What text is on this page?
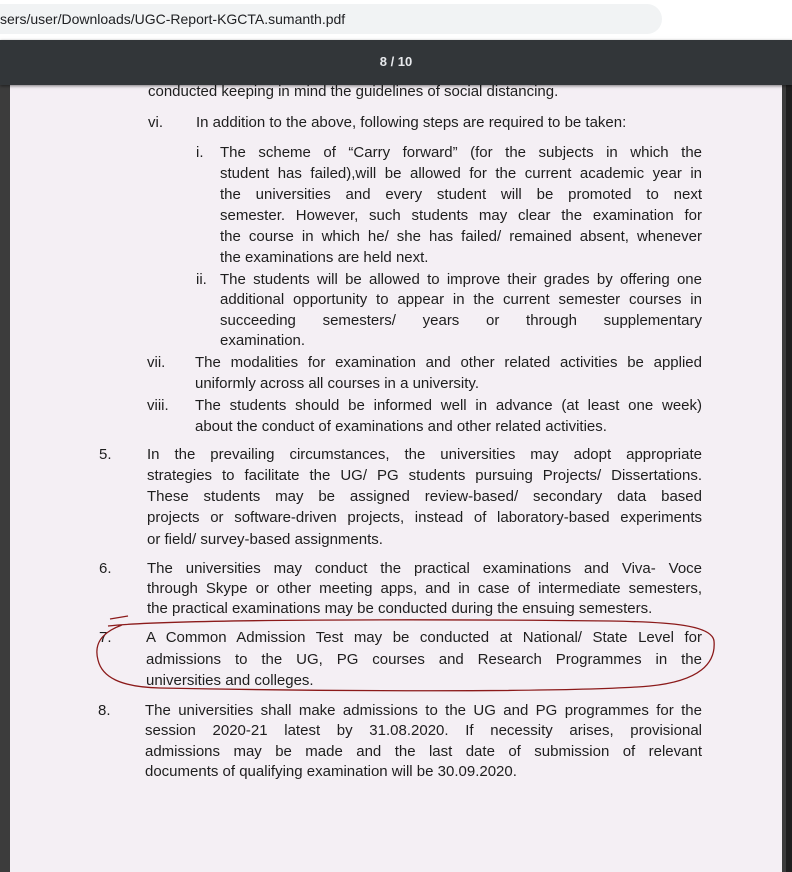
sers/user/Downloads/UGC-Report-KGCTA.sumanth.pdf
8 / 10
conducted keeping in mind the guidelines of social distancing.
vi. In addition to the above, following steps are required to be taken:
i. The scheme of “Carry forward” (for the subjects in which the
student has failed),will be allowed for the current academic year in
the universities and every student will be promoted to next
semester. However, such students may clear the examination for
the course in which he/ she has failed/ remained absent, whenever
the examinations are held next.
ii. The students will be allowed to improve their grades by offering one
additional opportunity to appear in the current semester courses in
succeeding semesters/ years or through supplementary
examination.
vii. The modalities for examination and other related activities be applied
uniformly across all courses in a university.
viii. The students should be informed well in advance (at least one week)
about the conduct of examinations and other related activities.
5. In the prevailing circumstances, the universities may adopt appropriate
strategies to facilitate the UG/ PG students pursuing Projects/ Dissertations.
These students may be assigned review-based/ secondary data based
projects or software-driven projects, instead of laboratory-based experiments
or field/ survey-based assignments.
6. The universities may conduct the practical examinations and Viva- Voce
through Skype or other meeting apps, and in case of intermediate semesters,
the practical examinations may be conducted during the ensuing semesters.
7. A Common Admission Test may be conducted at National/ State Level for
admissions to the UG, PG courses and Research Programmes in the
universities and colleges.
8. The universities shall make admissions to the UG and PG programmes for the
session 2020-21 latest by 31.08.2020. If necessity arises, provisional
admissions may be made and the last date of submission of relevant
documents of qualifying examination will be 30.09.2020.
